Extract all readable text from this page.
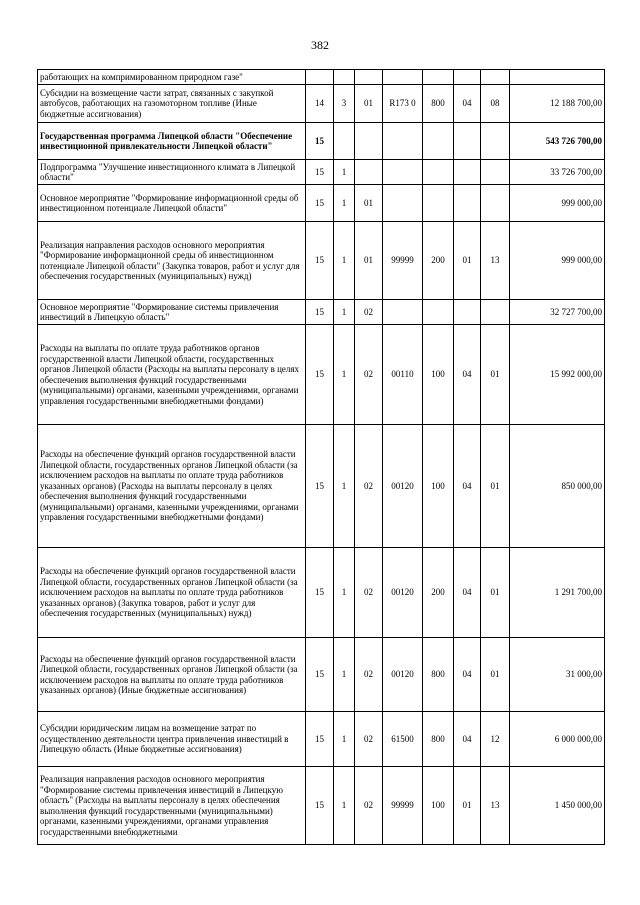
382
работающих на компримированном природном газе"								
Субсидии на возмещение части затрат, связанных с закупкой автобусов, работающих на газомоторном топливе (Иные бюджетные ассигнования)	14	3	01	R173 0	800	04	08	12 188 700,00
Государственная программа Липецкой области "Обеспечение инвестиционной привлекательности Липецкой области"	15							543 726 700,00
Подпрограмма "Улучшение инвестиционного климата в Липецкой области"	15	1						33 726 700,00
Основное мероприятие "Формирование информационной среды об инвестиционном потенциале Липецкой области"	15	1	01					999 000,00
Реализация направления расходов основного мероприятия "Формирование информационной среды об инвестиционном потенциале Липецкой области" (Закупка товаров, работ и услуг для обеспечения государственных (муниципальных) нужд)	15	1	01	99999	200	01	13	999 000,00
Основное мероприятие "Формирование системы привлечения инвестиций в Липецкую область"	15	1	02					32 727 700,00
Расходы на выплаты по оплате труда работников органов государственной власти Липецкой области, государственных органов Липецкой области (Расходы на выплаты персоналу в целях обеспечения выполнения функций государственными (муниципальными) органами, казенными учреждениями, органами управления государственными внебюджетными фондами)	15	1	02	00110	100	04	01	15 992 000,00
Расходы на обеспечение функций органов государственной власти Липецкой области, государственных органов Липецкой области (за исключением расходов на выплаты по оплате труда работников указанных органов) (Расходы на выплаты персоналу в целях обеспечения выполнения функций государственными (муниципальными) органами, казенными учреждениями, органами управления государственными внебюджетными фондами)	15	1	02	00120	100	04	01	850 000,00
Расходы на обеспечение функций органов государственной власти Липецкой области, государственных органов Липецкой области (за исключением расходов на выплаты по оплате труда работников указанных органов) (Закупка товаров, работ и услуг для обеспечения государственных (муниципальных) нужд)	15	1	02	00120	200	04	01	1 291 700,00
Расходы на обеспечение функций органов государственной власти Липецкой области, государственных органов Липецкой области (за исключением расходов на выплаты по оплате труда работников указанных органов) (Иные бюджетные ассигнования)	15	1	02	00120	800	04	01	31 000,00
Субсидии юридическим лицам на возмещение затрат по осуществлению деятельности центра привлечения инвестиций в Липецкую область (Иные бюджетные ассигнования)	15	1	02	61500	800	04	12	6 000 000,00
Реализация направления расходов основного мероприятия "Формирование системы привлечения инвестиций в Липецкую область" (Расходы на выплаты персоналу в целях обеспечения выполнения функций государственными (муниципальными) органами, казенными учреждениями, органами управления государственными внебюджетными	15	1	02	99999	100	01	13	1 450 000,00
